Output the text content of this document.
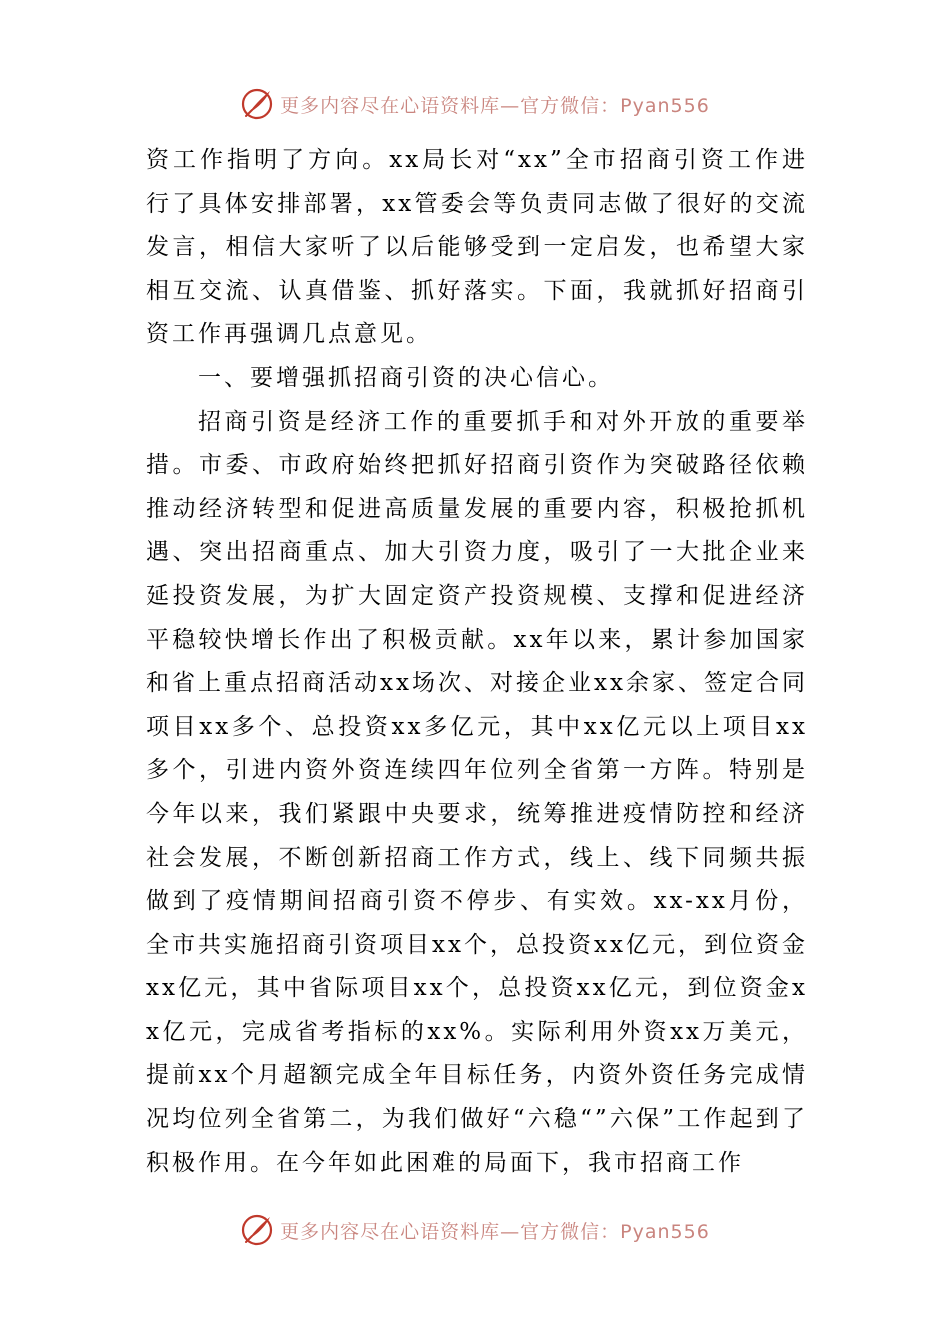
更多内容尽在心语资料库—官方微信：Pyan556

资工作指明了方向。xx局长对“xx”全市招商引资工作进行了具体安排部署，xx管委会等负责同志做了很好的交流发言，相信大家听了以后能够受到一定启发，也希望大家相互交流、认真借鉴、抓好落实。下面，我就抓好招商引资工作再强调几点意见。

一、要增强抓招商引资的决心信心。

招商引资是经济工作的重要抓手和对外开放的重要举措。市委、市政府始终把抓好招商引资作为突破路径依赖推动经济转型和促进高质量发展的重要内容，积极抢抓机遇、突出招商重点、加大引资力度，吸引了一大批企业来延投资发展，为扩大固定资产投资规模、支撑和促进经济平稳较快增长作出了积极贡献。xx年以来，累计参加国家和省上重点招商活动xx场次、对接企业xx余家、签定合同项目xx多个、总投资xx多亿元，其中xx亿元以上项目xx多个，引进内资外资连续四年位列全省第一方阵。特别是今年以来，我们紧跟中央要求，统筹推进疫情防控和经济社会发展，不断创新招商工作方式，线上、线下同频共振做到了疫情期间招商引资不停步、有实效。xx-xx月份，全市共实施招商引资项目xx个，总投资xx亿元，到位资金xx亿元，其中省际项目xx个，总投资xx亿元，到位资金xx亿元，完成省考指标的xx%。实际利用外资xx万美元，提前xx个月超额完成全年目标任务，内资外资任务完成情况均位列全省第二，为我们做好“六稳“”六保”工作起到了积极作用。在今年如此困难的局面下，我市招商工作

更多内容尽在心语资料库—官方微信：Pyan556
